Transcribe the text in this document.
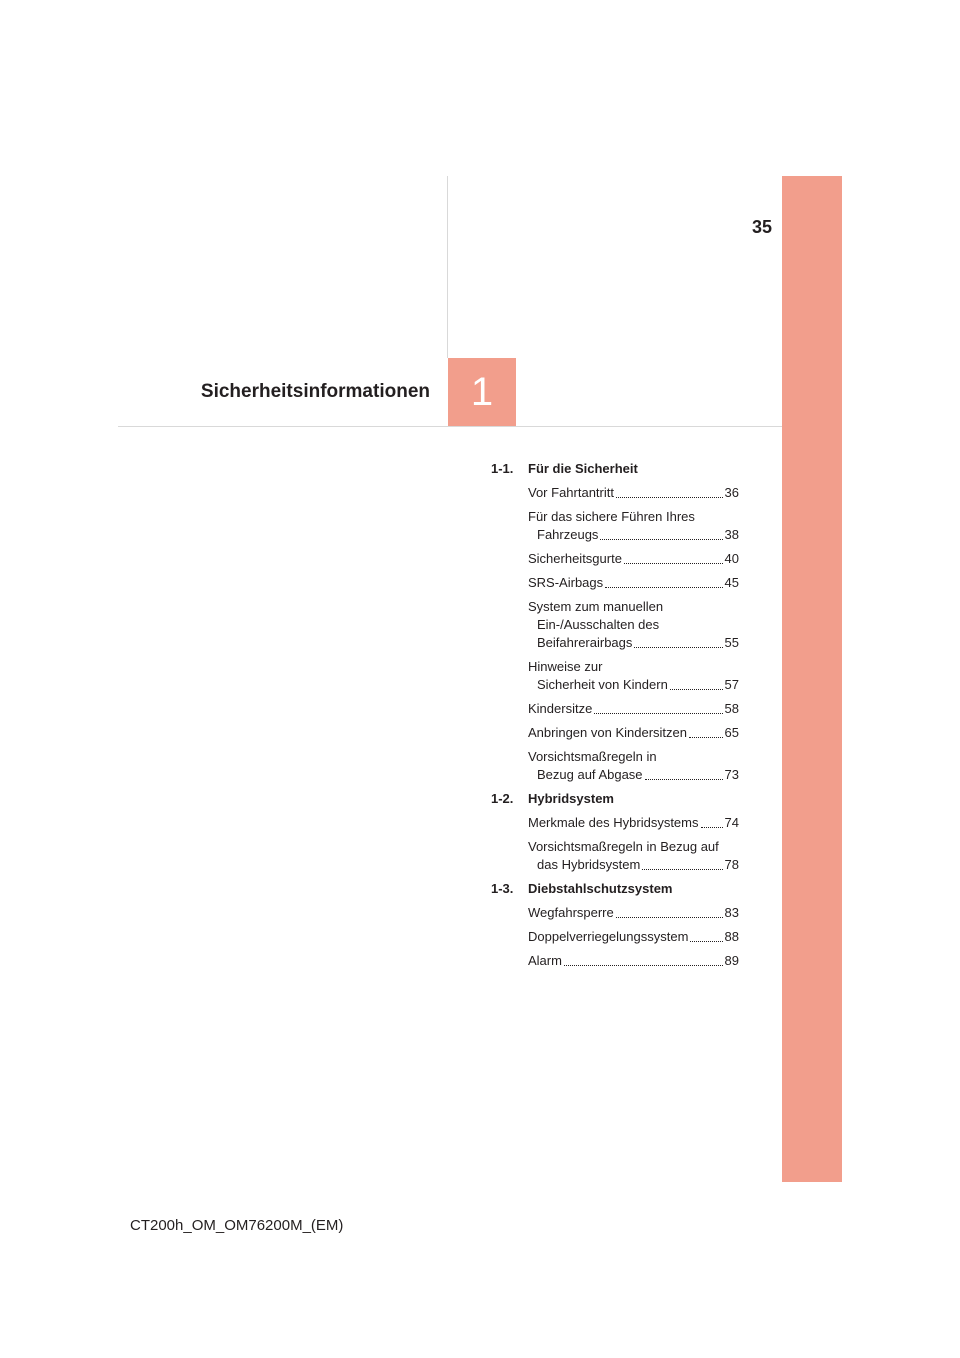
35
Sicherheitsinformationen 1
1-1.	Für die Sicherheit
Vor Fahrtantritt	36
Für das sichere Führen Ihres
Fahrzeugs	38
Sicherheitsgurte	40
SRS-Airbags	45
System zum manuellen
Ein-/Ausschalten des
Beifahrerairbags	55
Hinweise zur
Sicherheit von Kindern	57
Kindersitze	58
Anbringen von Kindersitzen	65
Vorsichtsmaßregeln in
Bezug auf Abgase	73
1-2.	Hybridsystem
Merkmale des Hybridsystems 74
Vorsichtsmaßregeln in Bezug auf
das Hybridsystem	78
1-3.	Diebstahlschutzsystem
Wegfahrsperre	83
Doppelverriegelungssystem	88
Alarm	89
CT200h_OM_OM76200M_(EM)
